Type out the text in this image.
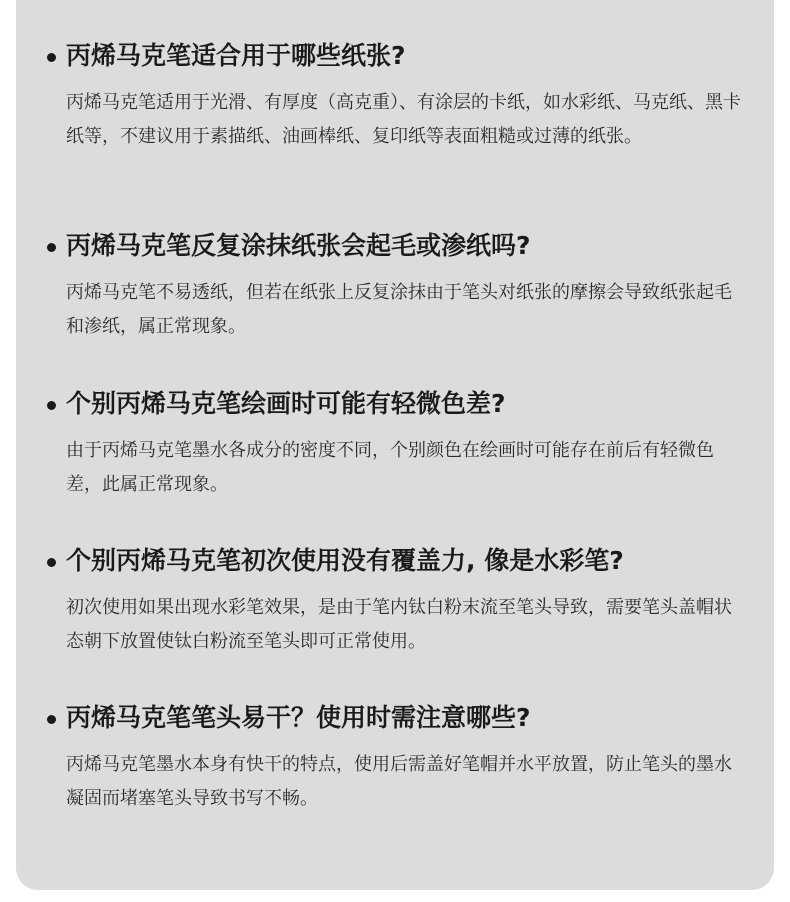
丙烯马克笔适合用于哪些纸张?
丙烯马克笔适用于光滑、有厚度（高克重）、有涂层的卡纸，如水彩纸、马克纸、黑卡纸等，不建议用于素描纸、油画棒纸、复印纸等表面粗糙或过薄的纸张。
丙烯马克笔反复涂抹纸张会起毛或渗纸吗?
丙烯马克笔不易透纸，但若在纸张上反复涂抹由于笔头对纸张的摩擦会导致纸张起毛和渗纸，属正常现象。
个别丙烯马克笔绘画时可能有轻微色差?
由于丙烯马克笔墨水各成分的密度不同，个别颜色在绘画时可能存在前后有轻微色差，此属正常现象。
个别丙烯马克笔初次使用没有覆盖力, 像是水彩笔?
初次使用如果出现水彩笔效果，是由于笔内钛白粉末流至笔头导致，需要笔头盖帽状态朝下放置使钛白粉流至笔头即可正常使用。
丙烯马克笔笔头易干？使用时需注意哪些?
丙烯马克笔墨水本身有快干的特点，使用后需盖好笔帽并水平放置，防止笔头的墨水凝固而堵塞笔头导致书写不畅。
